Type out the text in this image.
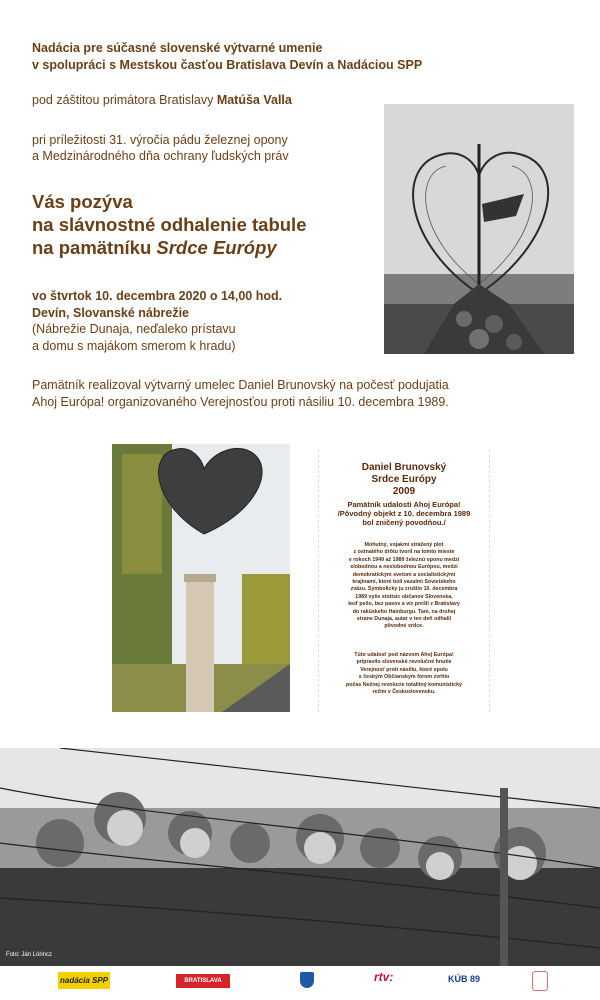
Nadácia pre súčasné slovenské výtvarné umenie
v spolupráci s Mestskou časťou Bratislava Devín a Nadáciou SPP
pod záštitou primátora Bratislavy Matúša Valla
pri príležitosti 31. výročia pádu železnej opony
a Medzinárodného dňa ochrany ľudských práv
Vás pozýva
na slávnostné odhalenie tabule
na pamätníku Srdce Európy
vo štvrtok 10. decembra 2020 o 14,00 hod.
Devín, Slovanské nábrežie
(Nábrežie Dunaja, neďaleko prístavu
a domu s majákom smerom k hradu)
Pamätník realizoval výtvarný umelec Daniel Brunovský na počesť podujatia
Ahoj Európa! organizovaného Verejnosťou proti násiliu 10. decembra 1989.
Daniel Brunovský
Srdce Európy
2009
Pamätník udalosti Ahoj Európa!
/Pôvodný objekt z 10. decembra 1989
bol zničený povodňou./
Mohutný, vojakmi strážený plot
z ostnatého drôtu tvoril na tomto mieste
v rokoch 1949 až 1989 železnú oponu medzi
slobodnou a neslobodnou Európou, medzi
demokratickým svetom a socialistickými
krajinami, ktoré boli vazalmi Sovietskeho
zväzu. Symbolicky ju zrušilo 10. decembra
1989 vyše stotisíc občanov Slovenska,
keď pešo, bez pasov a víz prešli z Bratislavy
do rakúskeho Hainburgu. Tam, na druhej
strane Dunaja, autar v ten deň odhalil
pôvodné srdce.
Túto udalosť pod názvom Ahoj Európa!
pripravilo slovenské revolučné hnutie
Verejnosť proti násiliu, ktoré spolu
s českým Občianskym fórom zvrhlo
počas Nežnej revolúcie totalitný komunistický
režim v Československu.
Foto: Ján Lörincz
nadácia SPP	BRATISLAVA	rtv:	KÚB 89
